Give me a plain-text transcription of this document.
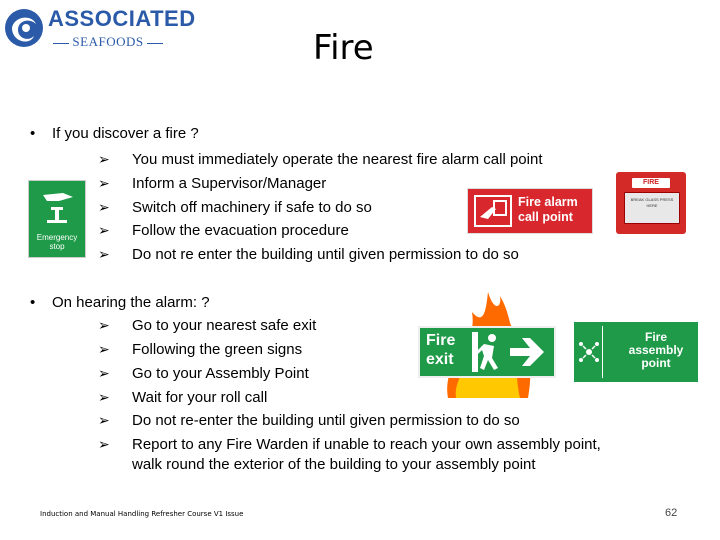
ASSOCIATED
SEAFOODS	Fire
• If you discover a fire ?
➢ You must immediately operate the nearest fire alarm call point
➢ Inform a Supervisor/Manager
➢ Switch off machinery if safe to do so
➢ Follow the evacuation procedure
➢ Do not re enter the building until given permission to do so
• On hearing the alarm: ?
➢ Go to your nearest safe exit
➢ Following the green signs
➢ Go to your Assembly Point
➢ Wait for your roll call
➢ Do not re-enter the building until given permission to do so
➢ Report to any Fire Warden if unable to reach your own assembly point,
walk round the exterior of the building to your assembly point
Emergency
stop
Fire alarm
call point
FIRE
BREAK GLASS PRESS HERE
Fire
exit
Fire
assembly
point
Induction and Manual Handling Refresher Course V1 Issue	62
